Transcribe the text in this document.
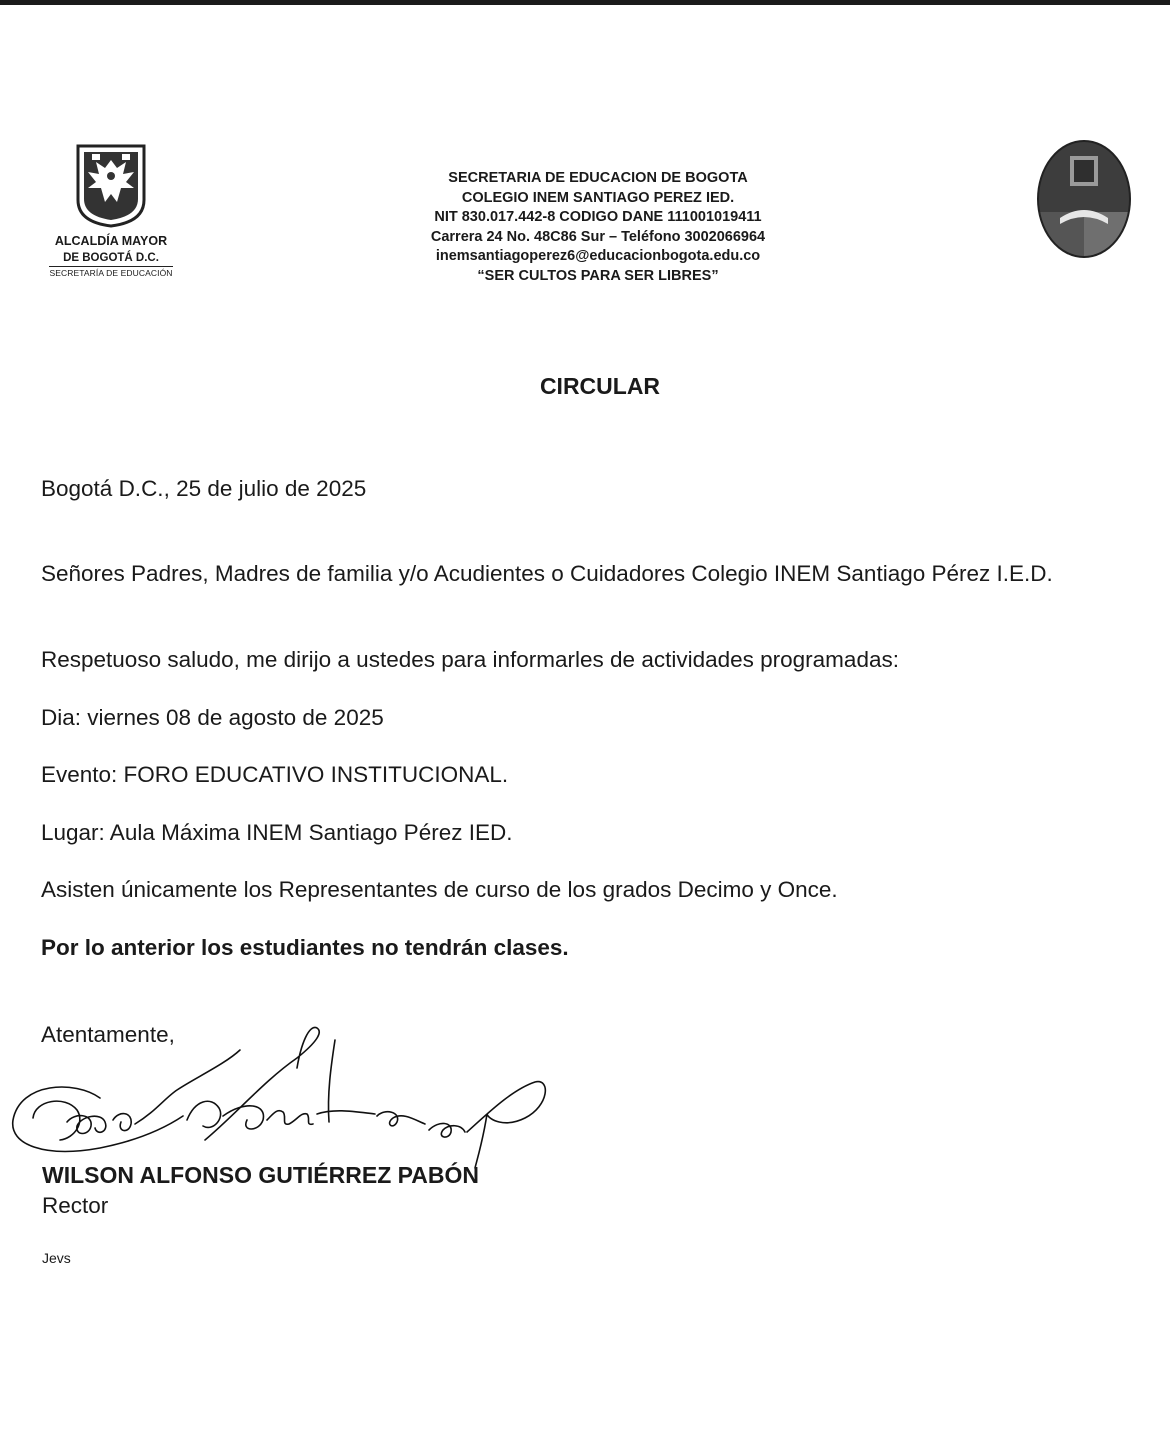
ALCALDÍA MAYOR
DE BOGOTÁ D.C.
SECRETARÍA DE EDUCACIÓN
SECRETARIA DE EDUCACION DE BOGOTA
COLEGIO INEM SANTIAGO PEREZ IED.
NIT 830.017.442-8 CODIGO DANE 111001019411
Carrera 24 No. 48C86 Sur – Teléfono 3002066964
inemsantiagoperez6@educacionbogota.edu.co
“SER CULTOS PARA SER LIBRES”
CIRCULAR
Bogotá D.C., 25 de julio de 2025
Señores Padres, Madres de familia y/o Acudientes o Cuidadores Colegio INEM Santiago Pérez I.E.D.
Respetuoso saludo, me dirijo a ustedes para informarles de actividades programadas:
Dia: viernes 08 de agosto de 2025
Evento: FORO EDUCATIVO INSTITUCIONAL.
Lugar: Aula Máxima INEM Santiago Pérez IED.
Asisten únicamente los Representantes de curso de los grados Decimo y Once.
Por lo anterior los estudiantes no tendrán clases.
Atentamente,
WILSON ALFONSO GUTIÉRREZ PABÓN
Rector
Jevs
